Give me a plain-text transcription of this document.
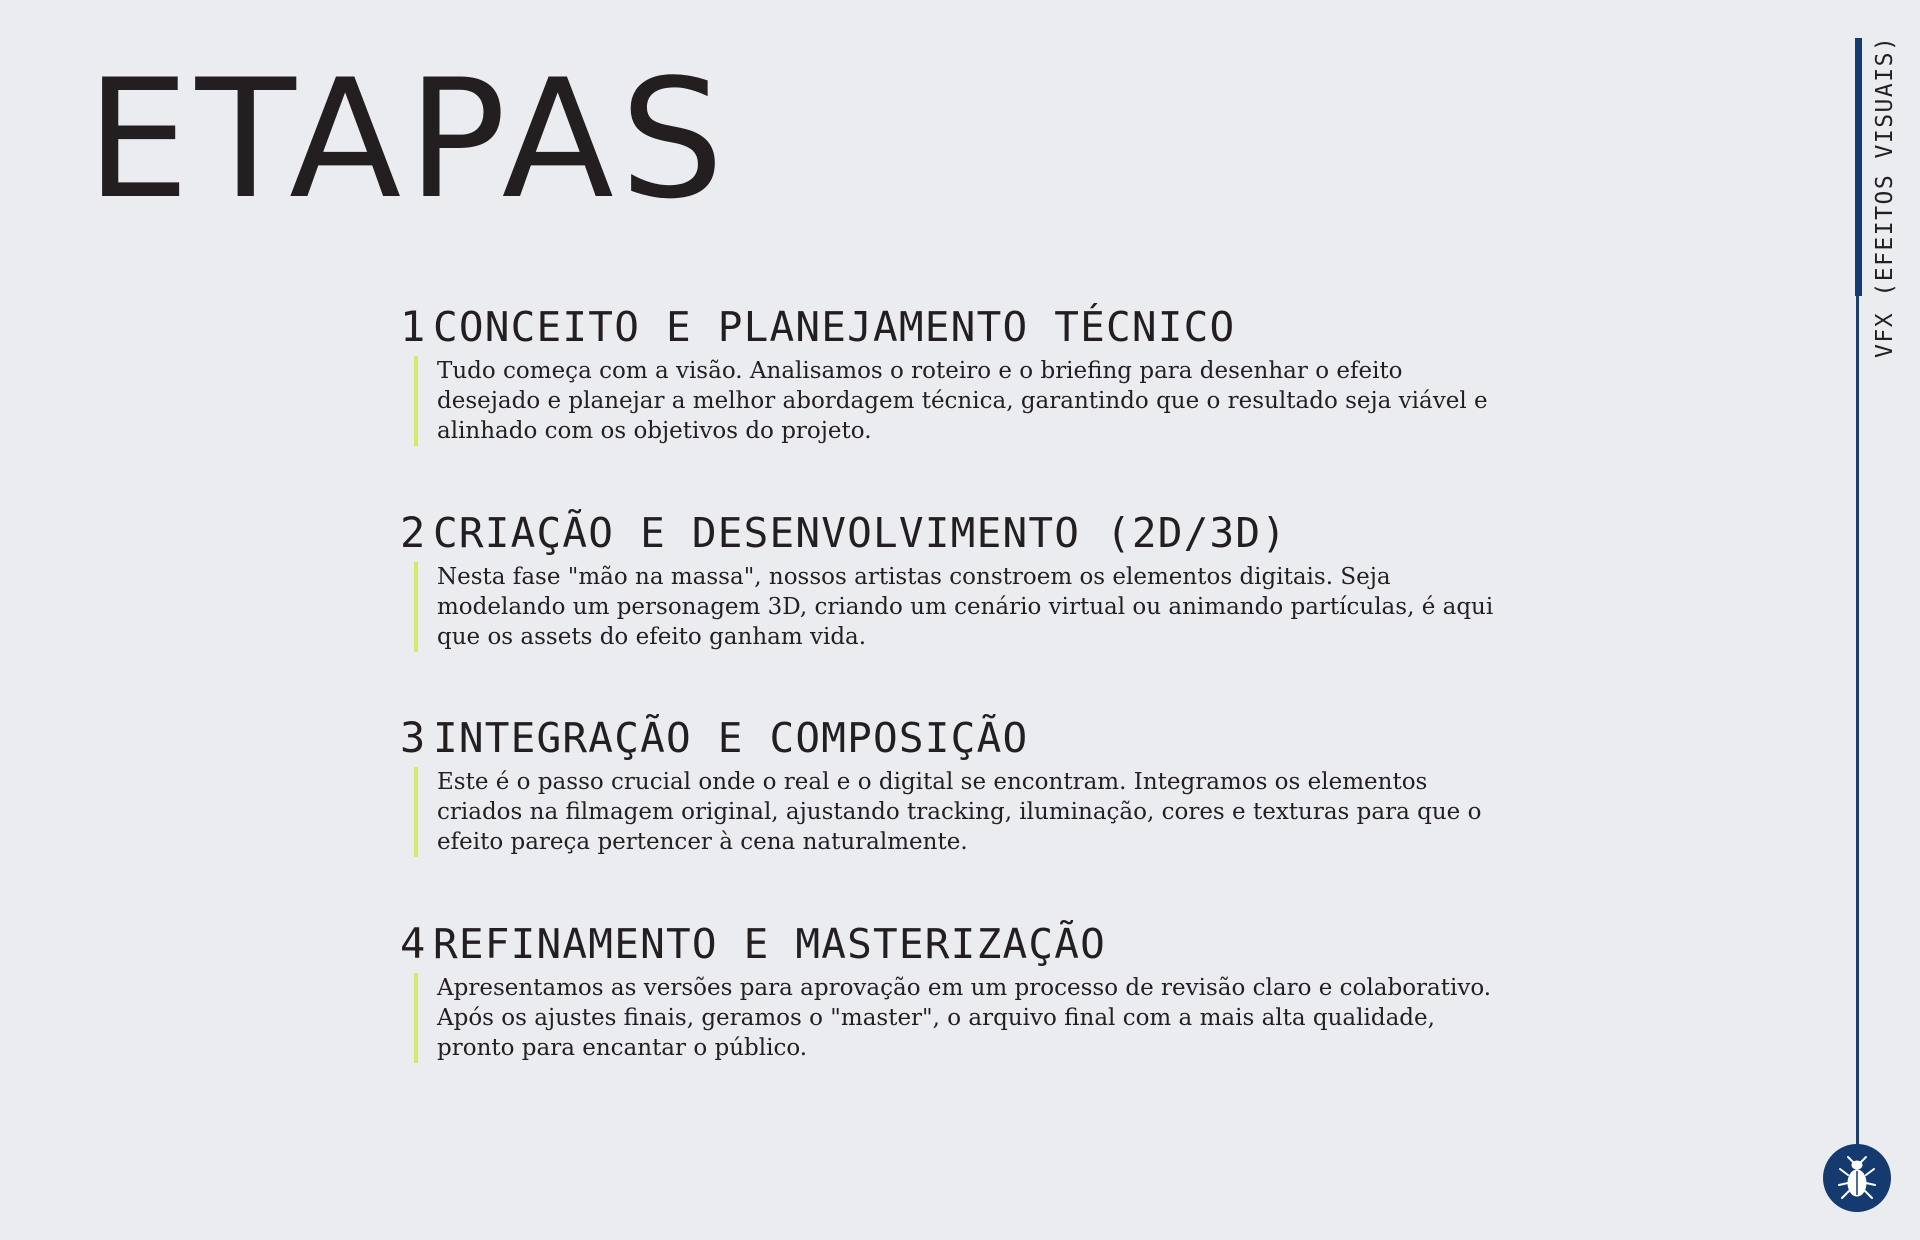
ETAPAS
1 CONCEITO E PLANEJAMENTO TÉCNICO

Tudo começa com a visão. Analisamos o roteiro e o briefing para desenhar o efeito desejado e planejar a melhor abordagem técnica, garantindo que o resultado seja viável e alinhado com os objetivos do projeto.

2 CRIAÇÃO E DESENVOLVIMENTO (2D/3D)

Nesta fase "mão na massa", nossos artistas constroem os elementos digitais. Seja modelando um personagem 3D, criando um cenário virtual ou animando partículas, é aqui que os assets do efeito ganham vida.

3 INTEGRAÇÃO E COMPOSIÇÃO

Este é o passo crucial onde o real e o digital se encontram. Integramos os elementos criados na filmagem original, ajustando tracking, iluminação, cores e texturas para que o efeito pareça pertencer à cena naturalmente.

4 REFINAMENTO E MASTERIZAÇÃO

Apresentamos as versões para aprovação em um processo de revisão claro e colaborativo. Após os ajustes finais, geramos o "master", o arquivo final com a mais alta qualidade, pronto para encantar o público.

VFX (EFEITOS VISUAIS)
